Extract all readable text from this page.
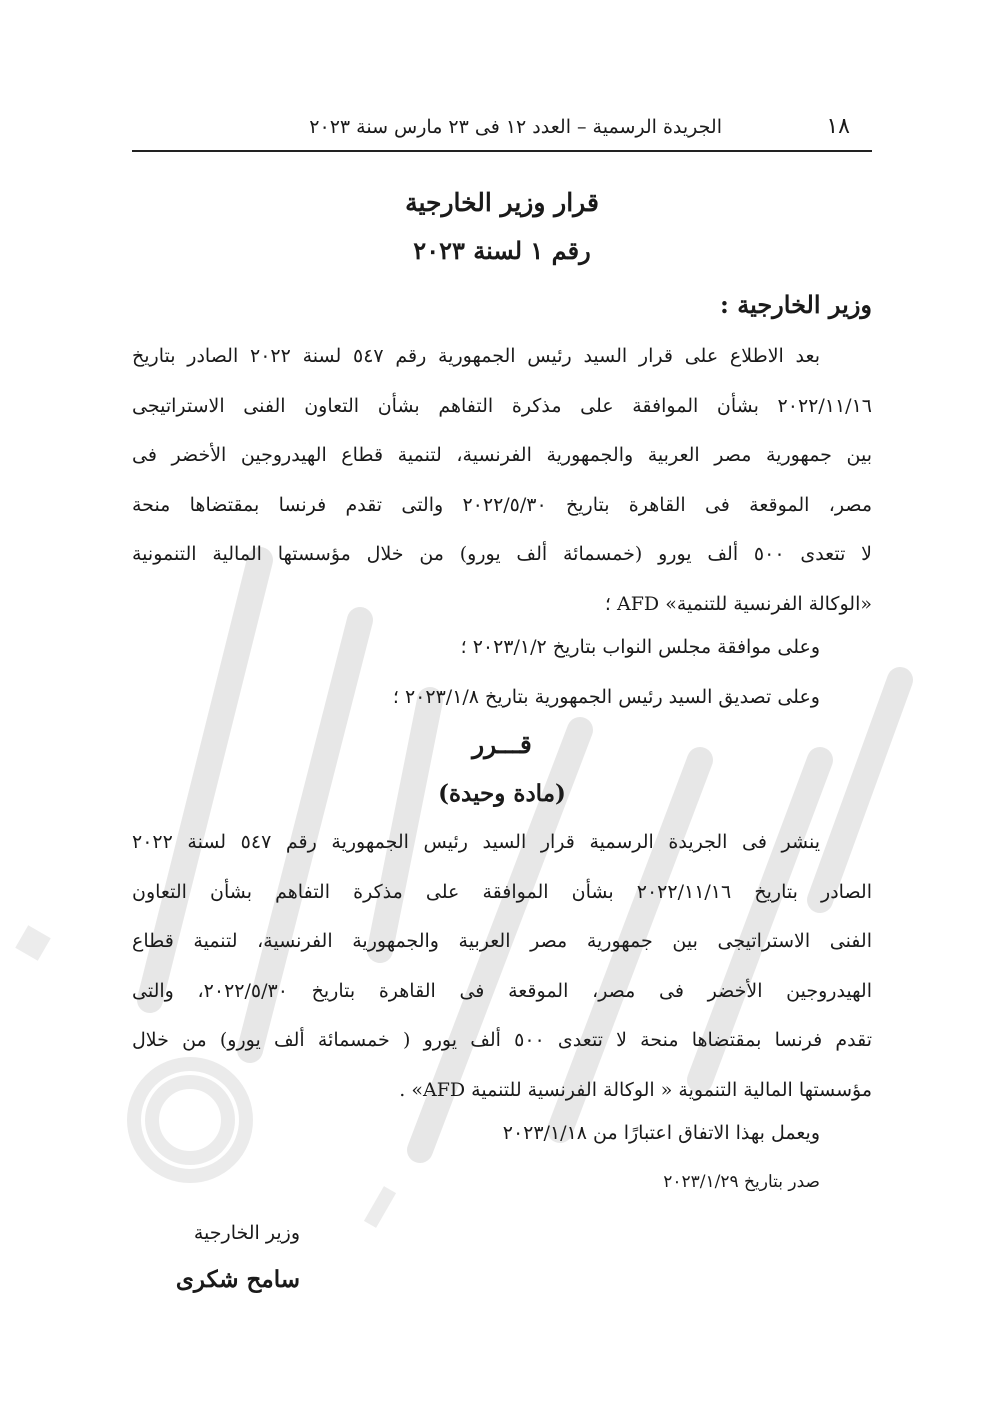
١٨
الجريدة الرسمية – العدد ١٢ فى ٢٣ مارس سنة ٢٠٢٣
قرار وزير الخارجية
رقم ١ لسنة ٢٠٢٣
وزير الخارجية :
بعد الاطلاع على قرار السيد رئيس الجمهورية رقم ٥٤٧ لسنة ٢٠٢٢ الصادر بتاريخ
٢٠٢٢/١١/١٦ بشأن الموافقة على مذكرة التفاهم بشأن التعاون الفنى الاستراتيجى
بين جمهورية مصر العربية والجمهورية الفرنسية، لتنمية قطاع الهيدروجين الأخضر فى
مصر، الموقعة فى القاهرة بتاريخ ٢٠٢٢/٥/٣٠ والتى تقدم فرنسا بمقتضاها منحة
لا تتعدى ٥٠٠ ألف يورو (خمسمائة ألف يورو) من خلال مؤسستها المالية التنمونية
«الوكالة الفرنسية للتنمية» AFD ؛
وعلى موافقة مجلس النواب بتاريخ ٢٠٢٣/١/٢ ؛
وعلى تصديق السيد رئيس الجمهورية بتاريخ ٢٠٢٣/١/٨ ؛
قـــرر
(مادة وحيدة)
ينشر فى الجريدة الرسمية قرار السيد رئيس الجمهورية رقم ٥٤٧ لسنة ٢٠٢٢
الصادر بتاريخ ٢٠٢٢/١١/١٦ بشأن الموافقة على مذكرة التفاهم بشأن التعاون
الفنى الاستراتيجى بين جمهورية مصر العربية والجمهورية الفرنسية، لتنمية قطاع
الهيدروجين الأخضر فى مصر، الموقعة فى القاهرة بتاريخ ٢٠٢٢/٥/٣٠، والتى
تقدم فرنسا بمقتضاها منحة لا تتعدى ٥٠٠ ألف يورو ( خمسمائة ألف يورو) من خلال
مؤسستها المالية التنموية « الوكالة الفرنسية للتنمية AFD» .
ويعمل بهذا الاتفاق اعتبارًا من ٢٠٢٣/١/١٨
صدر بتاريخ ٢٠٢٣/١/٢٩
وزير الخارجية
سامح شكرى
